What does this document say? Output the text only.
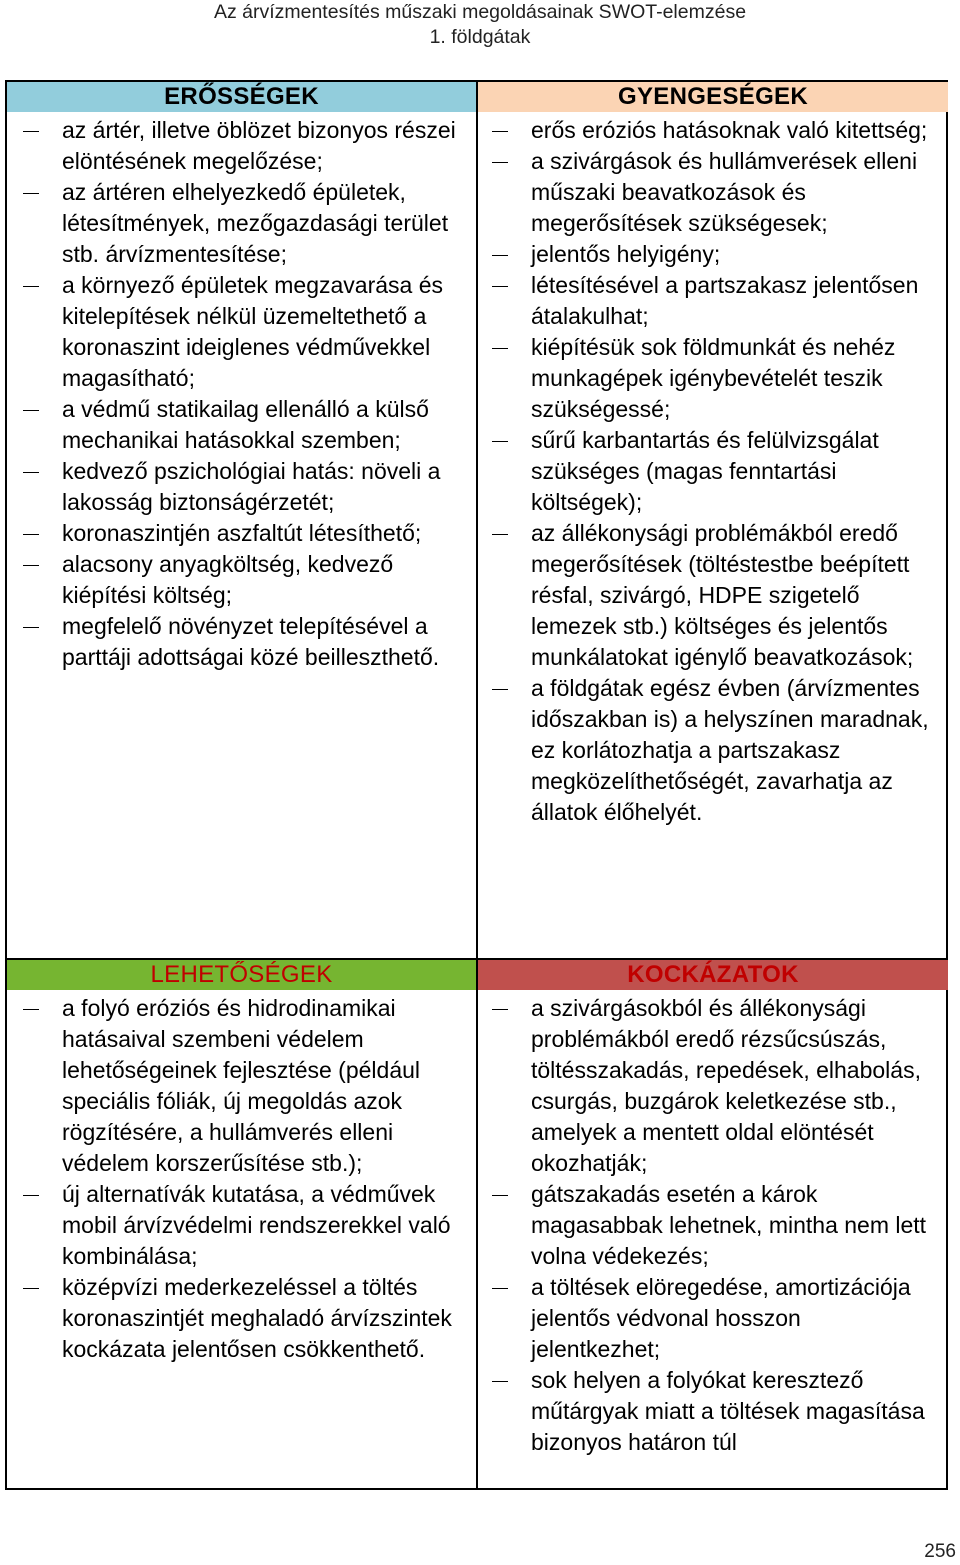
Az árvízmentesítés műszaki megoldásainak SWOT-elemzése
1. földgátak
ERŐSSÉGEK	GYENGESÉGEK
az ártér, illetve öblözet bizonyos részei elöntésének megelőzése;
az ártéren elhelyezkedő épületek, létesítmények, mezőgazdasági terület stb. árvízmentesítése;
a környező épületek megzavarása és kitelepítések nélkül üzemeltethető a koronaszint ideiglenes védművekkel magasítható;
a védmű statikailag ellenálló a külső mechanikai hatásokkal szemben;
kedvező pszichológiai hatás: növeli a lakosság biztonságérzetét;
koronaszintjén aszfaltút létesíthető;
alacsony anyagköltség, kedvező kiépítési költség;
megfelelő növényzet telepítésével a parttáji adottságai közé beilleszthető.
erős eróziós hatásoknak való kitettség;
a szivárgások és hullámverések elleni műszaki beavatkozások és megerősítések szükségesek;
jelentős helyigény;
létesítésével a partszakasz jelentősen átalakulhat;
kiépítésük sok földmunkát és nehéz munkagépek igénybevételét teszik szükségessé;
sűrű karbantartás és felülvizsgálat szükséges (magas fenntartási költségek);
az állékonysági problémákból eredő megerősítések (töltéstestbe beépített résfal, szivárgó, HDPE szigetelő lemezek stb.) költséges és jelentős munkálatokat igénylő beavatkozások;
a földgátak egész évben (árvízmentes időszakban is) a helyszínen maradnak, ez korlátozhatja a partszakasz megközelíthetőségét, zavarhatja az állatok élőhelyét.
LEHETŐSÉGEK	KOCKÁZATOK
a folyó eróziós és hidrodinamikai hatásaival szembeni védelem lehetőségeinek fejlesztése (például speciális fóliák, új megoldás azok rögzítésére, a hullámverés elleni védelem korszerűsítése stb.);
új alternatívák kutatása, a védművek mobil árvízvédelmi rendszerekkel való kombinálása;
középvízi mederkezeléssel a töltés koronaszintjét meghaladó árvízszintek kockázata jelentősen csökkenthető.
a szivárgásokból és állékonysági problémákból eredő rézsűcsúszás, töltésszakadás, repedések, elhabolás, csurgás, buzgárok keletkezése stb., amelyek a mentett oldal elöntését okozhatják;
gátszakadás esetén a károk magasabbak lehetnek, mintha nem lett volna védekezés;
a töltések elöregedése, amortizációja jelentős védvonal hosszon jelentkezhet;
sok helyen a folyókat keresztező műtárgyak miatt a töltések magasítása bizonyos határon túl
256
